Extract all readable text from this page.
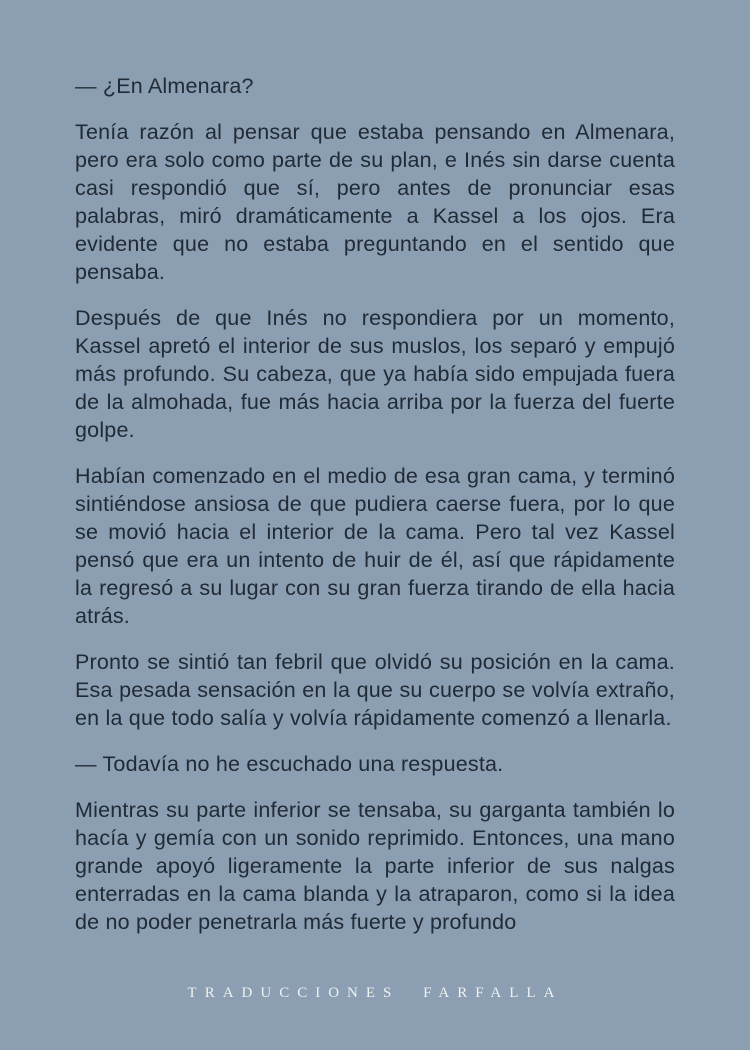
— ¿En Almenara?

Tenía razón al pensar que estaba pensando en Almenara, pero era solo como parte de su plan, e Inés sin darse cuenta casi respondió que sí, pero antes de pronunciar esas palabras, miró dramáticamente a Kassel a los ojos. Era evidente que no estaba preguntando en el sentido que pensaba.

Después de que Inés no respondiera por un momento, Kassel apretó el interior de sus muslos, los separó y empujó más profundo. Su cabeza, que ya había sido empujada fuera de la almohada, fue más hacia arriba por la fuerza del fuerte golpe.

Habían comenzado en el medio de esa gran cama, y terminó sintiéndose ansiosa de que pudiera caerse fuera, por lo que se movió hacia el interior de la cama. Pero tal vez Kassel pensó que era un intento de huir de él, así que rápidamente la regresó a su lugar con su gran fuerza tirando de ella hacia atrás.

Pronto se sintió tan febril que olvidó su posición en la cama. Esa pesada sensación en la que su cuerpo se volvía extraño, en la que todo salía y volvía rápidamente comenzó a llenarla.

— Todavía no he escuchado una respuesta.

Mientras su parte inferior se tensaba, su garganta también lo hacía y gemía con un sonido reprimido. Entonces, una mano grande apoyó ligeramente la parte inferior de sus nalgas enterradas en la cama blanda y la atraparon, como si la idea de no poder penetrarla más fuerte y profundo

TRADUCCIONES FARFALLA
